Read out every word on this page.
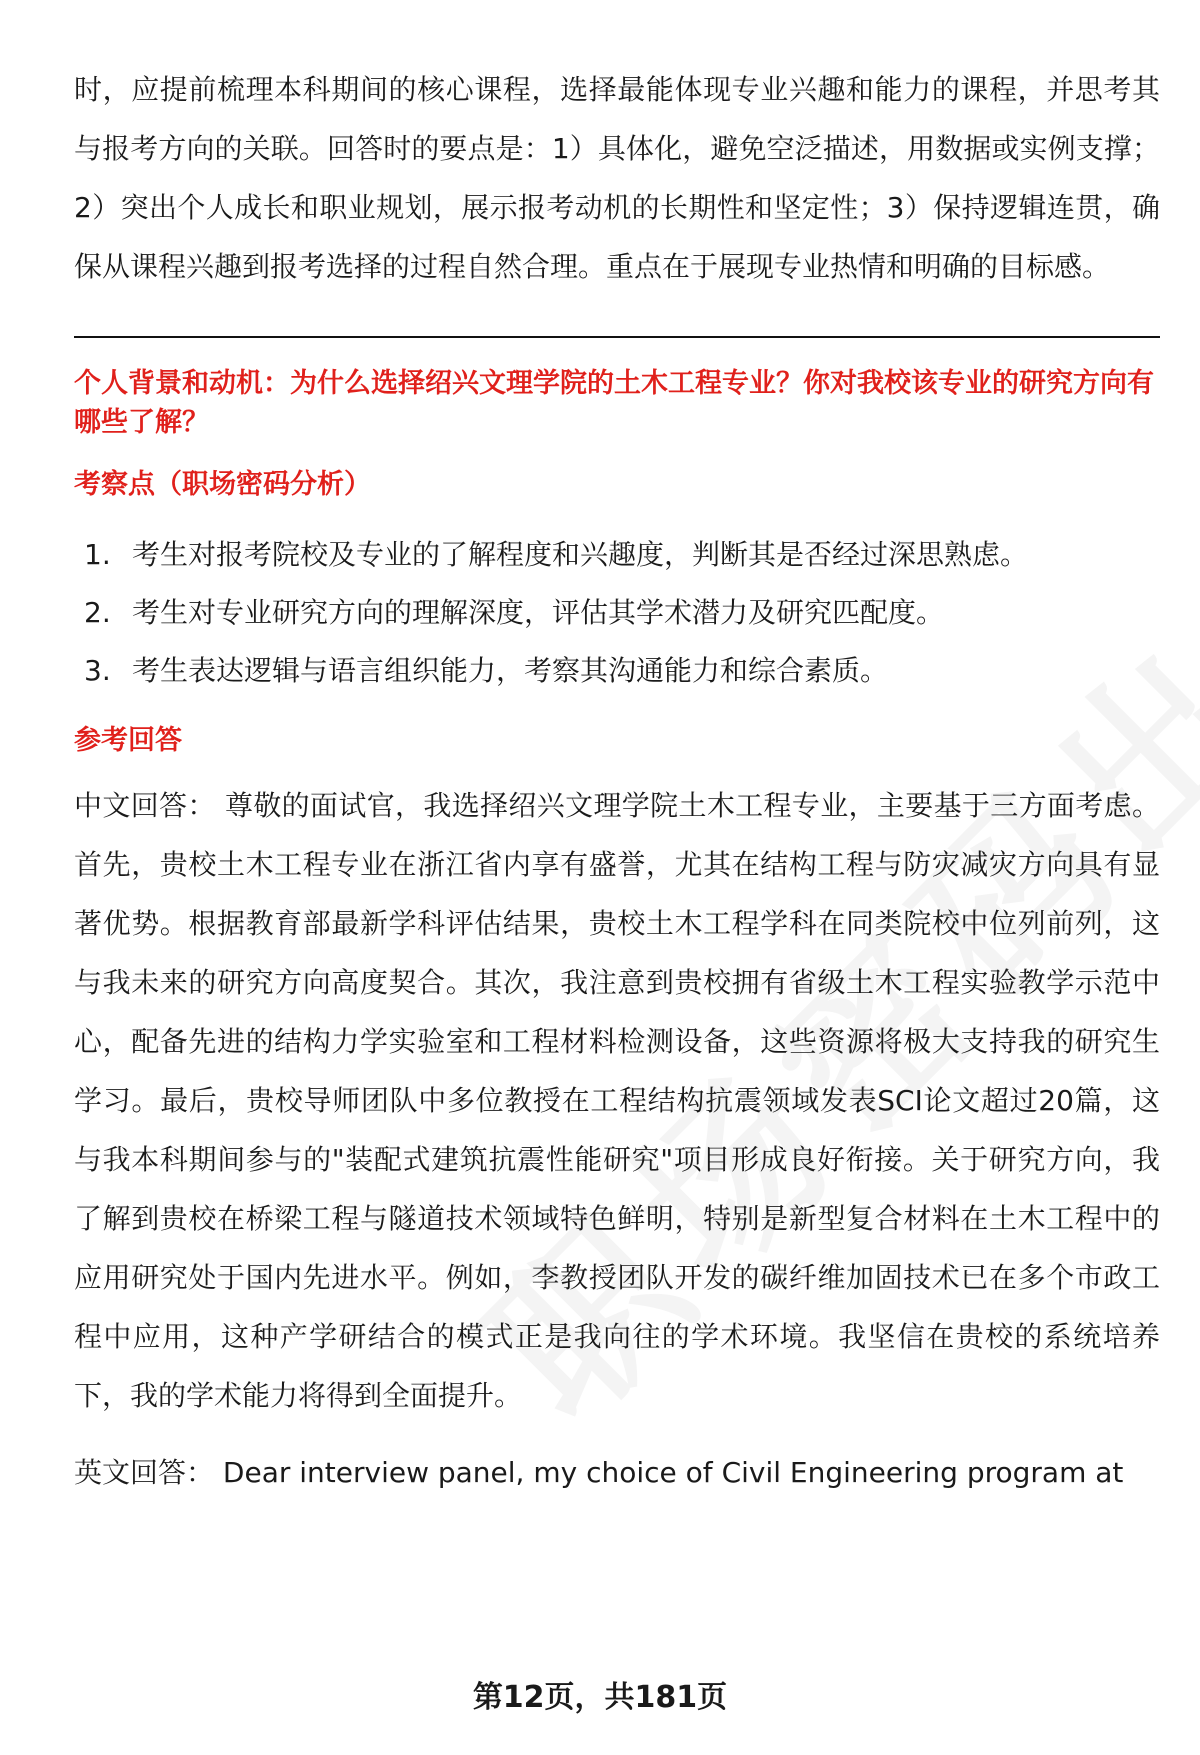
时，应提前梳理本科期间的核心课程，选择最能体现专业兴趣和能力的课程，并思考其与报考方向的关联。回答时的要点是：1）具体化，避免空泛描述，用数据或实例支撑；2）突出个人成长和职业规划，展示报考动机的长期性和坚定性；3）保持逻辑连贯，确保从课程兴趣到报考选择的过程自然合理。重点在于展现专业热情和明确的目标感。

个人背景和动机：为什么选择绍兴文理学院的土木工程专业？你对我校该专业的研究方向有哪些了解？

考察点（职场密码分析）
1. 考生对报考院校及专业的了解程度和兴趣度，判断其是否经过深思熟虑。
2. 考生对专业研究方向的理解深度，评估其学术潜力及研究匹配度。
3. 考生表达逻辑与语言组织能力，考察其沟通能力和综合素质。
参考回答

中文回答： 尊敬的面试官，我选择绍兴文理学院土木工程专业，主要基于三方面考虑。首先，贵校土木工程专业在浙江省内享有盛誉，尤其在结构工程与防灾减灾方向具有显著优势。根据教育部最新学科评估结果，贵校土木工程学科在同类院校中位列前列，这与我未来的研究方向高度契合。其次，我注意到贵校拥有省级土木工程实验教学示范中心，配备先进的结构力学实验室和工程材料检测设备，这些资源将极大支持我的研究生学习。最后，贵校导师团队中多位教授在工程结构抗震领域发表SCI论文超过20篇，这与我本科期间参与的"装配式建筑抗震性能研究"项目形成良好衔接。关于研究方向，我了解到贵校在桥梁工程与隧道技术领域特色鲜明，特别是新型复合材料在土木工程中的应用研究处于国内先进水平。例如，李教授团队开发的碳纤维加固技术已在多个市政工程中应用，这种产学研结合的模式正是我向往的学术环境。我坚信在贵校的系统培养下，我的学术能力将得到全面提升。

英文回答： Dear interview panel, my choice of Civil Engineering program at

第12页，共181页
